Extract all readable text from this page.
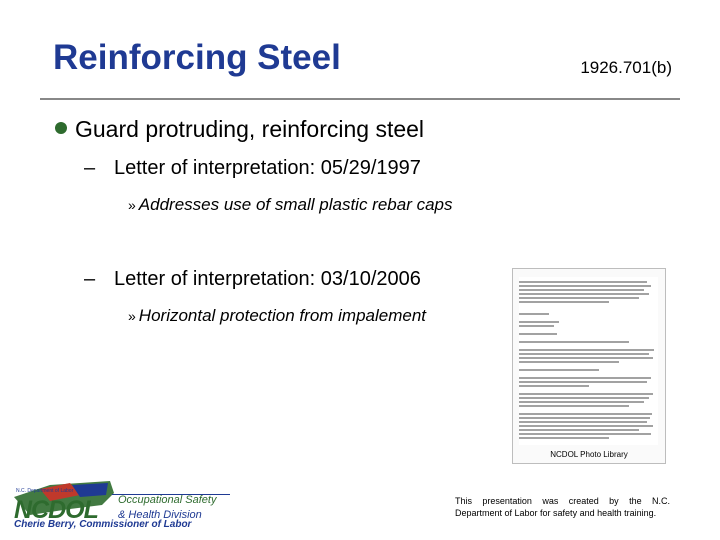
Reinforcing Steel	1926.701(b)
Guard protruding, reinforcing steel
– Letter of interpretation: 05/29/1997
» Addresses use of small plastic rebar caps
– Letter of interpretation: 03/10/2006
» Horizontal protection from impalement
NCDOL Photo Library
NCDOL Occupational Safety
& Health Division
N.C. Department of Labor
Cherie Berry, Commissioner of Labor
This presentation was created by the N.C. Department of Labor for safety and health training.
